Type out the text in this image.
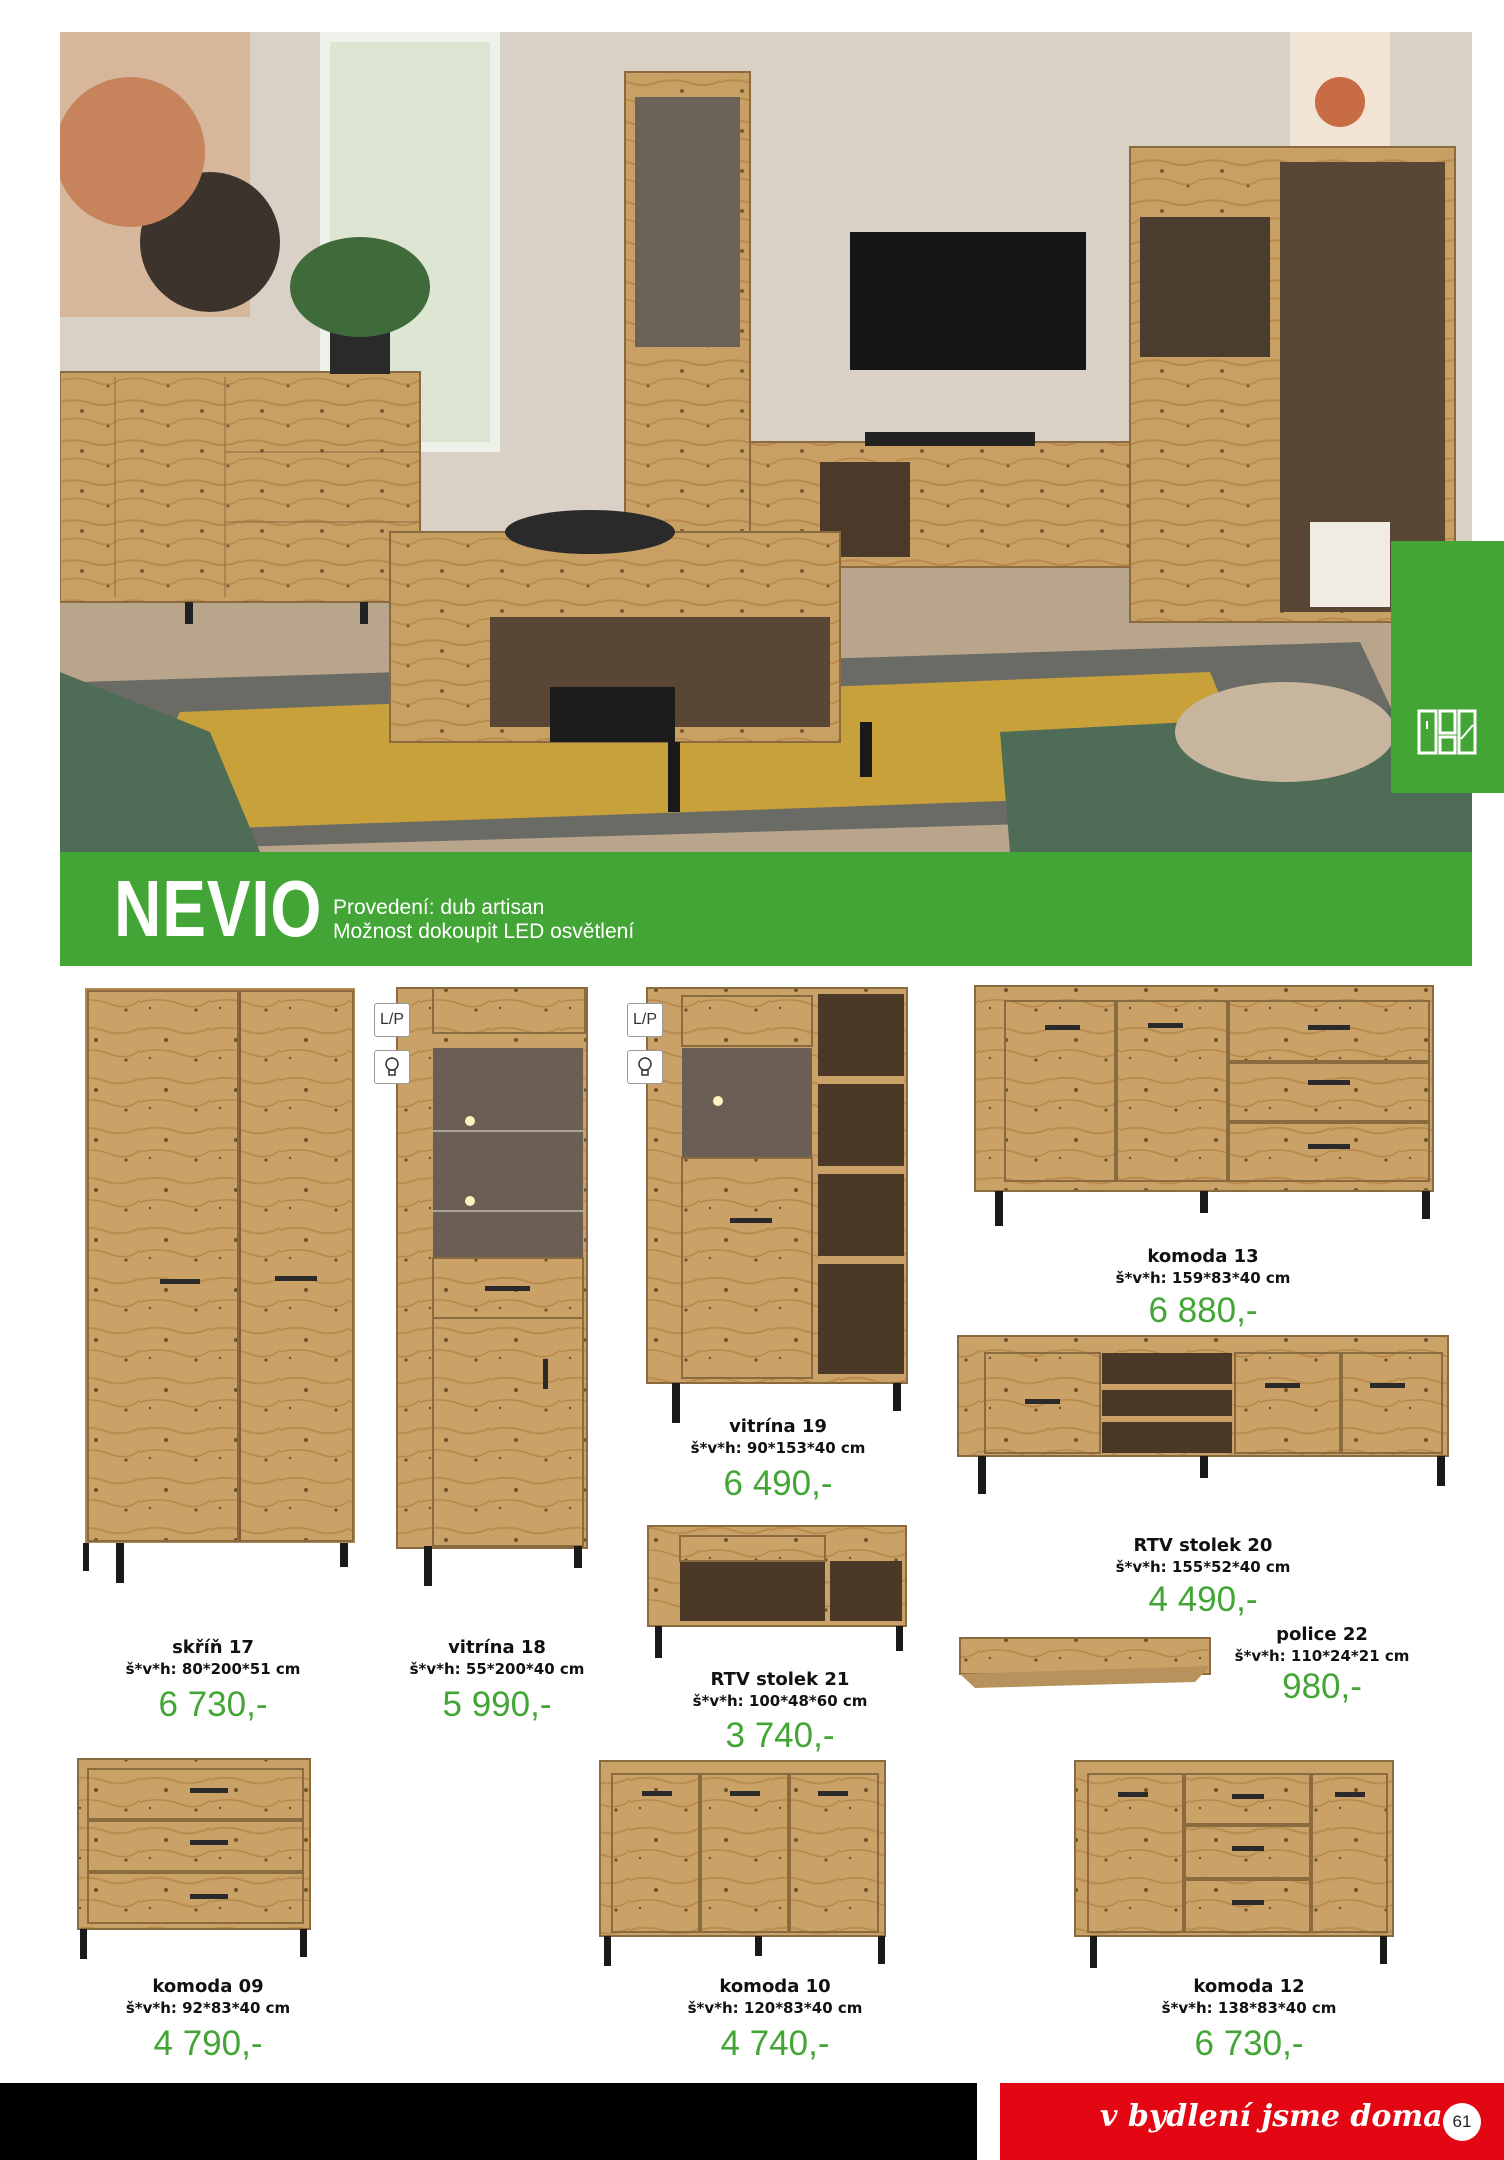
NEVIO Provedení: dub artisan
Možnost dokoupit LED osvětlení
L/P	L/P
skříň 17
š*v*h: 80*200*51 cm
6 730,-
vitrína 18
š*v*h: 55*200*40 cm
5 990,-
vitrína 19
š*v*h: 90*153*40 cm
6 490,-
komoda 13
š*v*h: 159*83*40 cm
6 880,-
RTV stolek 20
š*v*h: 155*52*40 cm
4 490,-
RTV stolek 21
š*v*h: 100*48*60 cm
3 740,-
police 22
š*v*h: 110*24*21 cm
980,-
komoda 09
š*v*h: 92*83*40 cm
4 790,-
komoda 10
š*v*h: 120*83*40 cm
4 740,-
komoda 12
š*v*h: 138*83*40 cm
6 730,-
v bydlení jsme doma 61
